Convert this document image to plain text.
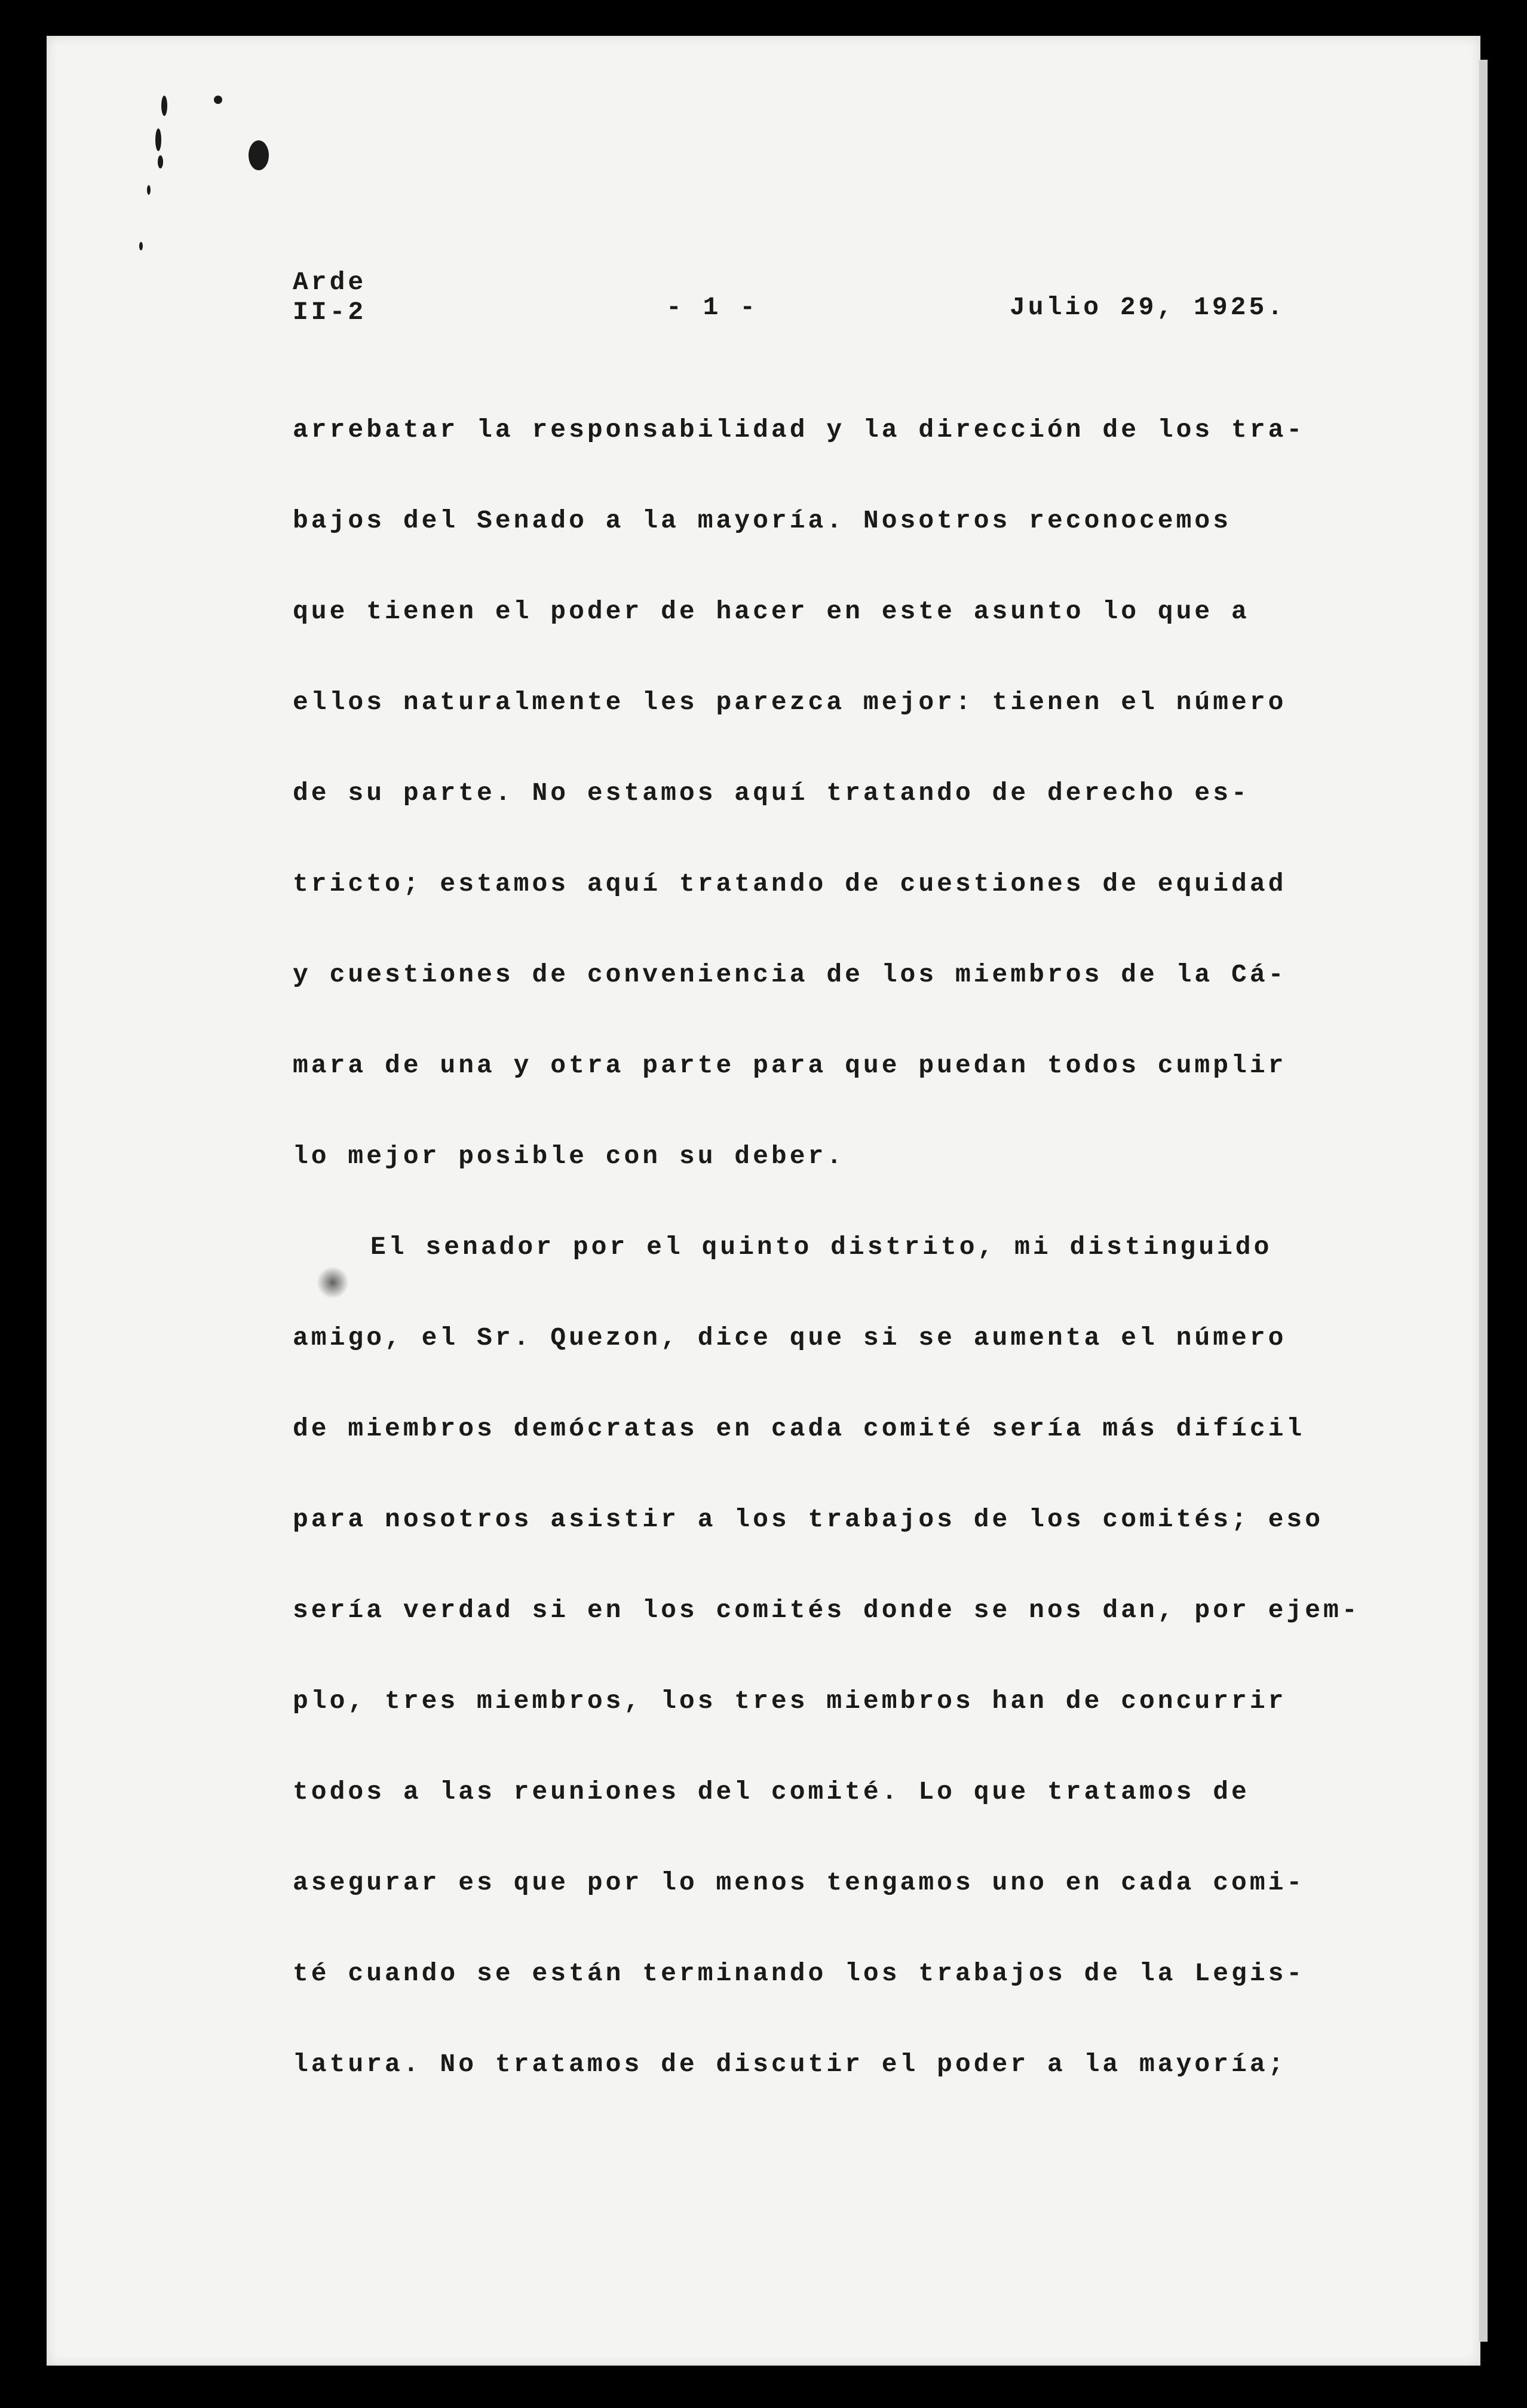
Arde
II-2	- 1 -	Julio 29, 1925.
arrebatar la responsabilidad y la dirección de los tra-
bajos del Senado a la mayoría. Nosotros reconocemos
que tienen el poder de hacer en este asunto lo que a
ellos naturalmente les parezca mejor: tienen el número
de su parte. No estamos aquí tratando de derecho es-
tricto; estamos aquí tratando de cuestiones de equidad
y cuestiones de conveniencia de los miembros de la Cá-
mara de una y otra parte para que puedan todos cumplir
lo mejor posible con su deber.
El senador por el quinto distrito, mi distinguido
amigo, el Sr. Quezon, dice que si se aumenta el número
de miembros demócratas en cada comité sería más difícil
para nosotros asistir a los trabajos de los comités; eso
sería verdad si en los comités donde se nos dan, por ejem-
plo, tres miembros, los tres miembros han de concurrir
todos a las reuniones del comité. Lo que tratamos de
asegurar es que por lo menos tengamos uno en cada comi-
té cuando se están terminando los trabajos de la Legis-
latura. No tratamos de discutir el poder a la mayoría;
